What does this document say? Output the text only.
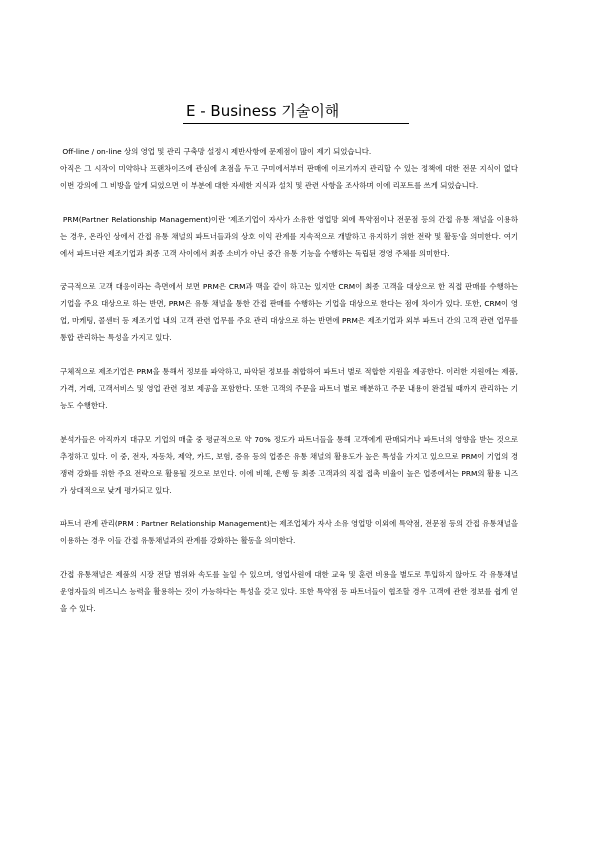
E - Business 기술이해

Off-line / on-line 상의 영업 및 관리 구축망 설정시 제반사항에 문제점이 많이 제기 되었습니다.
아직은 그 시작이 미약하나 프랜차이즈에 관심에 초점을 두고 구미에서부터 판매에 이르기까지 관리할 수 있는 정책에 대한 전문 지식이 없다 이번 강의에 그 비방을 알게 되었으면 이 부분에 대한 자세한 지식과 설치 및 관련 사항을 조사하며 이에 리포트를 쓰게 되었습니다.

PRM(Partner Relationship Management)이란 '제조기업이 자사가 소유한 영업망 외에 특약점이나 전문점 등의 간접 유통 채널을 이용하는 경우, 온라인 상에서 간접 유통 채널의 파트너들과의 상호 이익 관계를 지속적으로 개발하고 유지하기 위한 전략 및 활동'을 의미한다. 여기에서 파트너란 제조기업과 최종 고객 사이에서 최종 소비가 아닌 중간 유통 기능을 수행하는 독립된 경영 주체를 의미한다.

궁극적으로 고객 대응이라는 측면에서 보면 PRM은 CRM과 맥을 같이 하고는 있지만 CRM이 최종 고객을 대상으로 한 직접 판매를 수행하는 기업을 주요 대상으로 하는 반면, PRM은 유통 채널을 통한 간접 판매를 수행하는 기업을 대상으로 한다는 점에 차이가 있다. 또한, CRM이 영업, 마케팅, 콜센터 등 제조기업 내의 고객 관련 업무를 주요 관리 대상으로 하는 반면에 PRM은 제조기업과 외부 파트너 간의 고객 관련 업무를 통합 관리하는 특성을 가지고 있다.

구체적으로 제조기업은 PRM을 통해서 정보를 파악하고, 파악된 정보를 취합하여 파트너 별로 적합한 지원을 제공한다. 이러한 지원에는 제품, 가격, 거래, 고객서비스 및 영업 관련 정보 제공을 포함한다. 또한 고객의 주문을 파트너 별로 배분하고 주문 내용이 완결될 때까지 관리하는 기능도 수행한다.

분석가들은 아직까지 대규모 기업의 매출 중 평균적으로 약 70% 정도가 파트너들을 통해 고객에게 판매되거나 파트너의 영향을 받는 것으로 추정하고 있다. 이 중, 전자, 자동차, 제약, 카드, 보험, 증유 등의 업종은 유통 채널의 활용도가 높은 특성을 가지고 있으므로 PRM이 기업의 경쟁력 강화를 위한 주요 전략으로 활용될 것으로 보인다. 이에 비해, 은행 등 최종 고객과의 직접 접촉 비율이 높은 업종에서는 PRM의 활용 니즈가 상대적으로 낮게 평가되고 있다.

파트너 관계 관리(PRM : Partner Relationship Management)는 제조업체가 자사 소유 영업망 이외에 특약점, 전문점 등의 간접 유통채널을 이용하는 경우 이들 간접 유통채널과의 관계를 강화하는 활동을 의미한다.

간접 유통채널은 제품의 시장 전달 범위와 속도를 높일 수 있으며, 영업사원에 대한 교육 및 훈련 비용을 별도로 투입하지 않아도 각 유통채널 운영자들의 비즈니스 능력을 활용하는 것이 가능하다는 특성을 갖고 있다. 또한 특약점 등 파트너들이 협조할 경우 고객에 관한 정보를 쉽게 얻을 수 있다.
